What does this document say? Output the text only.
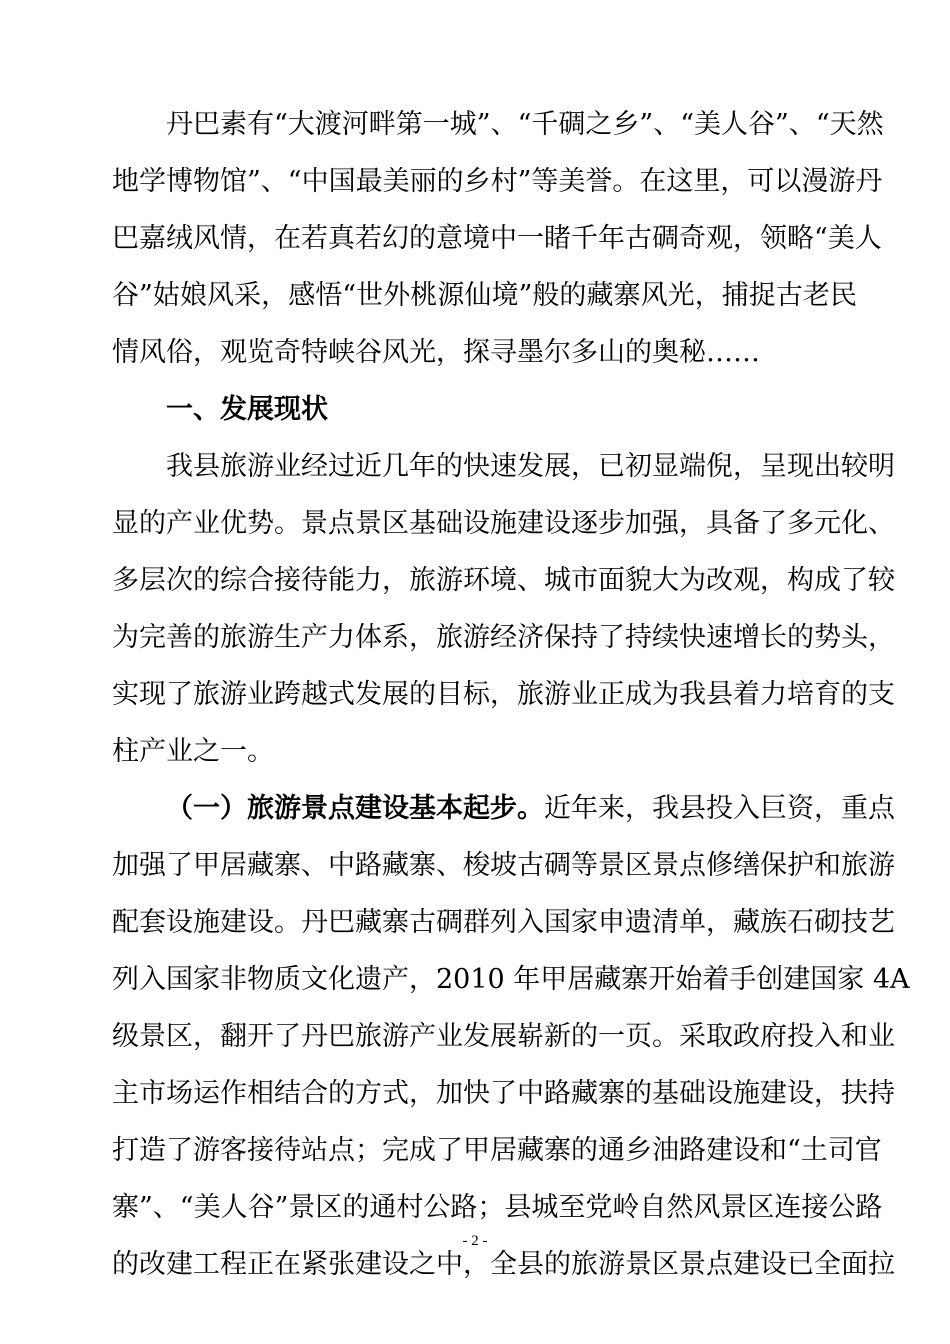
丹巴素有“大渡河畔第一城”、“千碉之乡”、“美人谷”、“天然
地学博物馆”、“中国最美丽的乡村”等美誉。在这里，可以漫游丹
巴嘉绒风情，在若真若幻的意境中一睹千年古碉奇观，领略“美人
谷”姑娘风采，感悟“世外桃源仙境”般的藏寨风光，捕捉古老民
情风俗，观览奇特峡谷风光，探寻墨尔多山的奥秘……
一、发展现状
我县旅游业经过近几年的快速发展，已初显端倪，呈现出较明
显的产业优势。景点景区基础设施建设逐步加强，具备了多元化、
多层次的综合接待能力，旅游环境、城市面貌大为改观，构成了较
为完善的旅游生产力体系，旅游经济保持了持续快速增长的势头，
实现了旅游业跨越式发展的目标，旅游业正成为我县着力培育的支
柱产业之一。
（一）旅游景点建设基本起步。近年来，我县投入巨资，重点
加强了甲居藏寨、中路藏寨、梭坡古碉等景区景点修缮保护和旅游
配套设施建设。丹巴藏寨古碉群列入国家申遗清单，藏族石砌技艺
列入国家非物质文化遗产，2010 年甲居藏寨开始着手创建国家 4A
级景区，翻开了丹巴旅游产业发展崭新的一页。采取政府投入和业
主市场运作相结合的方式，加快了中路藏寨的基础设施建设，扶持
打造了游客接待站点；完成了甲居藏寨的通乡油路建设和“土司官
寨”、“美人谷”景区的通村公路；县城至党岭自然风景区连接公路
的改建工程正在紧张建设之中，全县的旅游景区景点建设已全面拉
- 2 -
